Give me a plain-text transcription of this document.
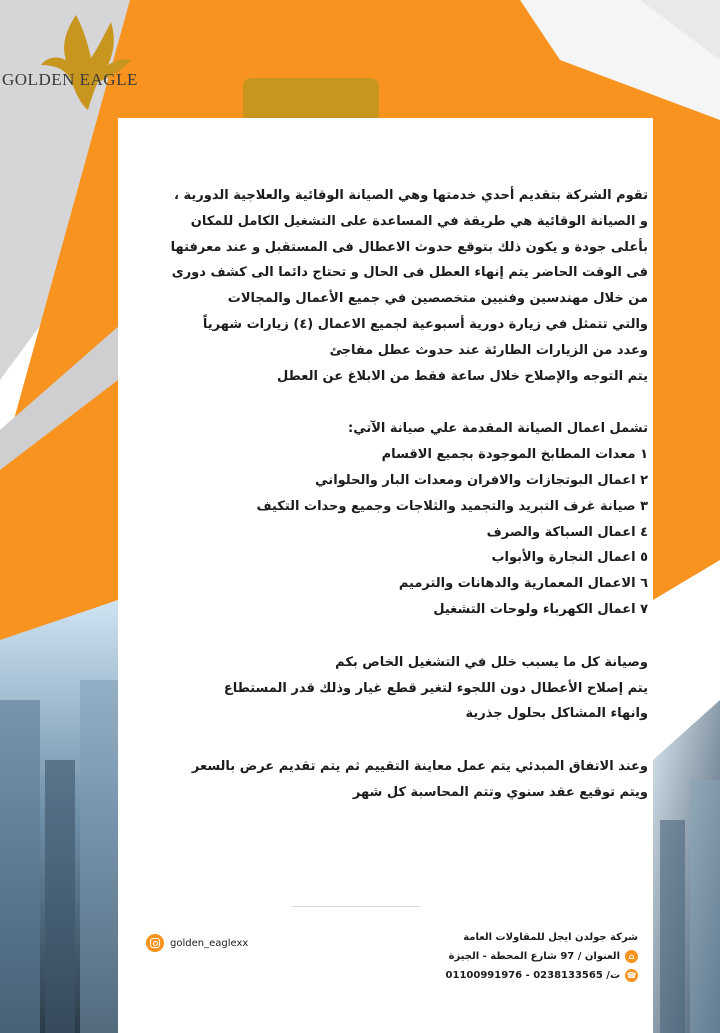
GOLDEN EAGLE
تقوم الشركة بتقديم أحدي خدمتها وهي الصيانة الوقائية والعلاجية الدورية ،
و الصيانة الوقائية هي طريقة في المساعدة على التشغيل الكامل للمكان
بأعلى جودة و يكون ذلك بتوقع حدوث الاعطال فى المستقبل و عند معرفتها
فى الوقت الحاضر يتم إنهاء العطل فى الحال و تحتاج دائما الى كشف دورى
من خلال مهندسين وفنيين متخصصين في جميع الأعمال والمجالات
والتي تتمثل في زيارة دورية أسبوعية لجميع الاعمال (٤) زيارات شهرياً
وعدد من الزيارات الطارئة عند حدوث عطل مفاجئ
يتم التوجه والإصلاح خلال ساعة فقط من الابلاغ عن العطل
تشمل اعمال الصيانة المقدمة علي صيانة الآتي:
١ معدات المطابخ الموجودة بجميع الاقسام
٢ اعمال البوتجازات والافران ومعدات البار والحلواني
٣ صيانة غرف التبريد والتجميد والثلاجات وجميع وحدات التكيف
٤ اعمال السباكة والصرف
٥ اعمال النجارة والأبواب
٦ الاعمال المعمارية والدهانات والترميم
٧ اعمال الكهرباء ولوحات التشغيل
وصيانة كل ما يسبب خلل في التشغيل الخاص بكم
يتم إصلاح الأعطال دون اللجوء لتغير قطع غيار وذلك قدر المستطاع
وانهاء المشاكل بحلول جذرية
وعند الاتفاق المبدئي يتم عمل معاينة التقييم ثم يتم تقديم عرض بالسعر
ويتم توقيع عقد سنوي وتتم المحاسبة كل شهر
شركة جولدن ايجل للمقاولات العامة
⌂
العنوان / 97 شارع المحطة - الجيزة
☎
ت/ 0238133565 - 01100991976
golden_eaglexx
